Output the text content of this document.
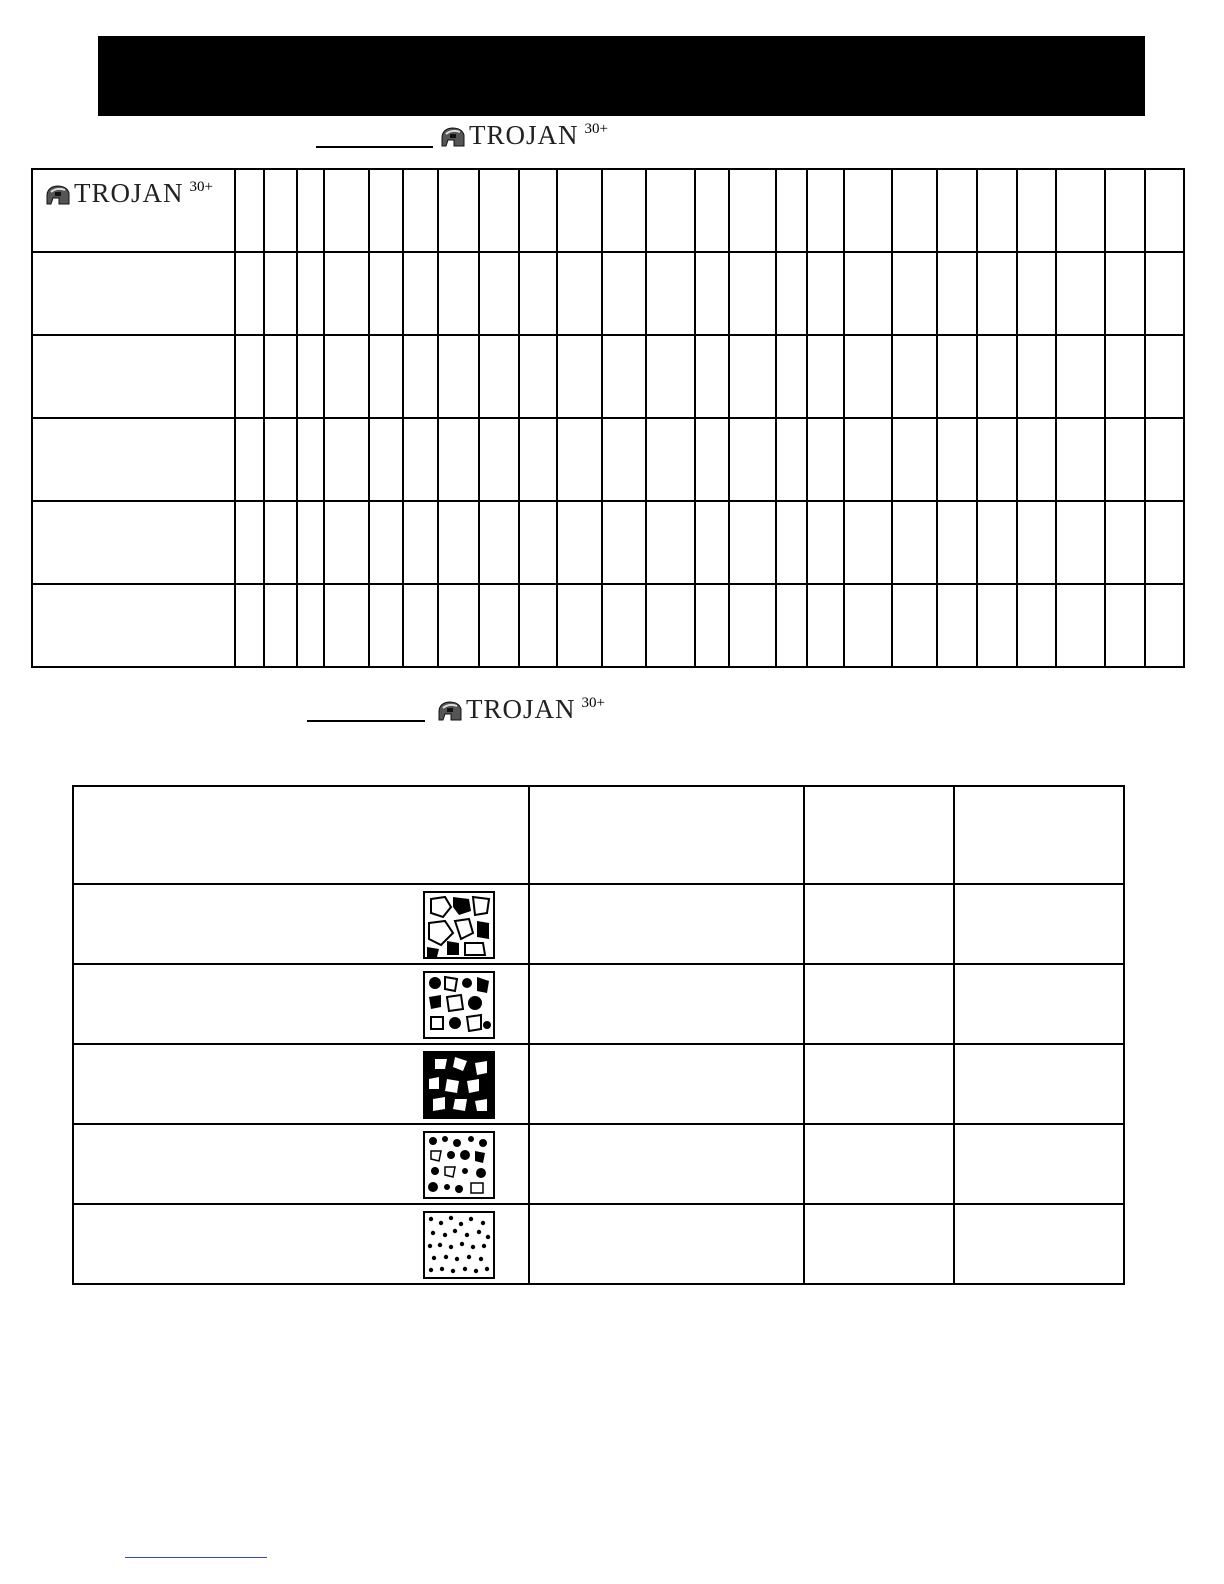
TROJAN 30+
TROJAN 30+																								

TROJAN 30+
